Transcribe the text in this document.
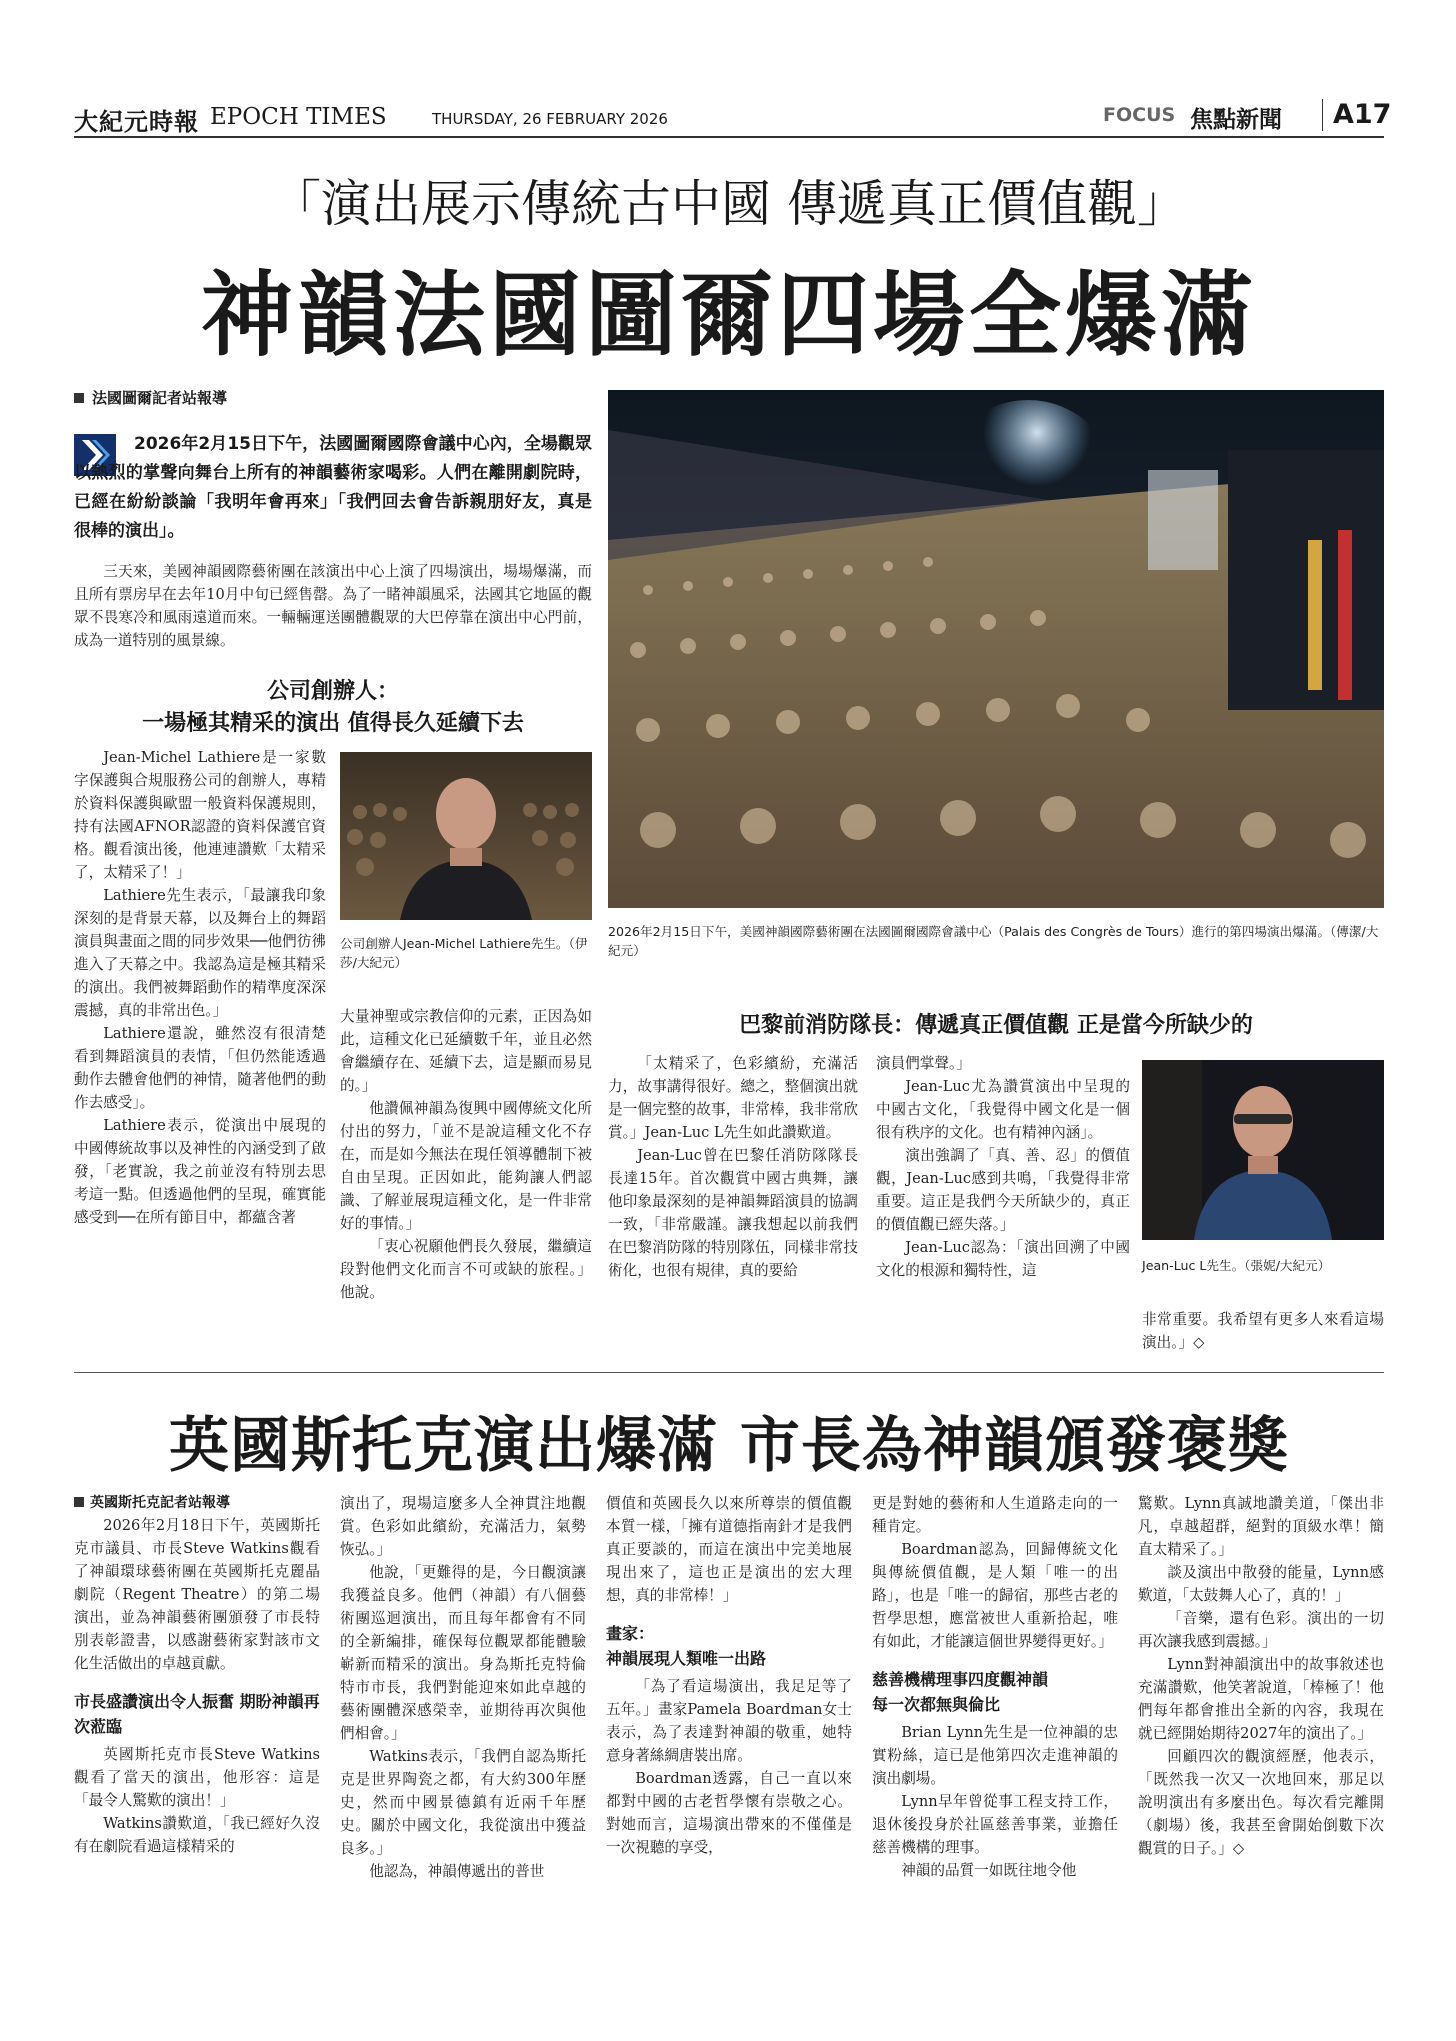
大紀元時報 EPOCH TIMES	THURSDAY, 26 FEBRUARY 2026	FOCUS 焦點新聞 A17
「演出展示傳統古中國 傳遞真正價值觀」
神韻法國圖爾四場全爆滿
法國圖爾記者站報導
2026年2月15日下午，法國圖爾國際會議中心內，全場觀眾以熱烈的掌聲向舞台上所有的神韻藝術家喝彩。人們在離開劇院時，已經在紛紛談論「我明年會再來」「我們回去會告訴親朋好友，真是很棒的演出」。

三天來，美國神韻國際藝術團在該演出中心上演了四場演出，場場爆滿，而且所有票房早在去年10月中旬已經售罄。為了一睹神韻風采，法國其它地區的觀眾不畏寒冷和風雨遠道而來。一輛輛運送團體觀眾的大巴停靠在演出中心門前，成為一道特別的風景線。

公司創辦人：
一場極其精采的演出 值得長久延續下去

Jean-Michel Lathiere是一家數字保護與合規服務公司的創辦人，專精於資料保護與歐盟一般資料保護規則，持有法國AFNOR認證的資料保護官資格。觀看演出後，他連連讚歎「太精采了，太精采了！」

Lathiere先生表示，「最讓我印象深刻的是背景天幕，以及舞台上的舞蹈演員與畫面之間的同步效果──他們彷彿進入了天幕之中。我認為這是極其精采的演出。我們被舞蹈動作的精準度深深震撼，真的非常出色。」

Lathiere還說，雖然沒有很清楚看到舞蹈演員的表情，「但仍然能透過動作去體會他們的神情，隨著他們的動作去感受」。

Lathiere表示，從演出中展現的中國傳統故事以及神性的內涵受到了啟發，「老實說，我之前並沒有特別去思考這一點。但透過他們的呈現，確實能感受到──在所有節目中，都蘊含著

公司創辦人Jean-Michel Lathiere先生。（伊莎/大紀元）

大量神聖或宗教信仰的元素，正因為如此，這種文化已延續數千年，並且必然會繼續存在、延續下去，這是顯而易見的。」

他讚佩神韻為復興中國傳統文化所付出的努力，「並不是說這種文化不存在，而是如今無法在現任領導體制下被自由呈現。正因如此，能夠讓人們認識、了解並展現這種文化，是一件非常好的事情。」

「衷心祝願他們長久發展，繼續這段對他們文化而言不可或缺的旅程。」他說。

2026年2月15日下午，美國神韻國際藝術團在法國圖爾國際會議中心（Palais des Congrès de Tours）進行的第四場演出爆滿。（傳潔/大紀元）
巴黎前消防隊長：傳遞真正價值觀 正是當今所缺少的

「太精采了，色彩繽紛，充滿活力，故事講得很好。總之，整個演出就是一個完整的故事，非常棒，我非常欣賞。」Jean-Luc L先生如此讚歎道。

Jean-Luc曾在巴黎任消防隊隊長長達15年。首次觀賞中國古典舞，讓他印象最深刻的是神韻舞蹈演員的協調一致，「非常嚴謹。讓我想起以前我們在巴黎消防隊的特別隊伍，同樣非常技術化，也很有規律，真的要給

演員們掌聲。」

Jean-Luc尤為讚賞演出中呈現的中國古文化，「我覺得中國文化是一個很有秩序的文化。也有精神內涵」。

演出強調了「真、善、忍」的價值觀，Jean-Luc感到共鳴，「我覺得非常重要。這正是我們今天所缺少的，真正的價值觀已經失落。」

Jean-Luc認為：「演出回溯了中國文化的根源和獨特性，這	Jean-Luc L先生。（張妮/大紀元）

非常重要。我希望有更多人來看這場演出。」◇

英國斯托克演出爆滿 市長為神韻頒發褒獎
英國斯托克記者站報導

2026年2月18日下午，英國斯托克市議員、市長Steve Watkins觀看了神韻環球藝術團在英國斯托克麗晶劇院（Regent Theatre）的第二場演出，並為神韻藝術團頒發了市長特別表彰證書，以感謝藝術家對該市文化生活做出的卓越貢獻。

市長盛讚演出令人振奮 期盼神韻再次蒞臨

英國斯托克市長Steve Watkins觀看了當天的演出，他形容：這是「最令人驚歎的演出！」

Watkins讚歎道，「我已經好久沒有在劇院看過這樣精采的

演出了，現場這麼多人全神貫注地觀賞。色彩如此繽紛，充滿活力，氣勢恢弘。」

他說，「更難得的是，今日觀演讓我獲益良多。他們（神韻）有八個藝術團巡迴演出，而且每年都會有不同的全新編排，確保每位觀眾都能體驗嶄新而精采的演出。身為斯托克特倫特市市長，我們對能迎來如此卓越的藝術團體深感榮幸，並期待再次與他們相會。」

Watkins表示，「我們自認為斯托克是世界陶瓷之都，有大約300年歷史，然而中國景德鎮有近兩千年歷史。關於中國文化，我從演出中獲益良多。」

他認為，神韻傳遞出的普世

價值和英國長久以來所尊崇的價值觀本質一樣，「擁有道德指南針才是我們真正要談的，而這在演出中完美地展現出來了，這也正是演出的宏大理想，真的非常棒！」

畫家：
神韻展現人類唯一出路

「為了看這場演出，我足足等了五年。」畫家Pamela Boardman女士表示，為了表達對神韻的敬重，她特意身著絲綢唐裝出席。

Boardman透露，自己一直以來都對中國的古老哲學懷有崇敬之心。對她而言，這場演出帶來的不僅僅是一次視聽的享受，

更是對她的藝術和人生道路走向的一種肯定。

Boardman認為，回歸傳統文化與傳統價值觀，是人類「唯一的出路」，也是「唯一的歸宿，那些古老的哲學思想，應當被世人重新拾起，唯有如此，才能讓這個世界變得更好。」

慈善機構理事四度觀神韻
每一次都無與倫比

Brian Lynn先生是一位神韻的忠實粉絲，這已是他第四次走進神韻的演出劇場。

Lynn早年曾從事工程支持工作，退休後投身於社區慈善事業，並擔任慈善機構的理事。

神韻的品質一如既往地令他

驚歎。Lynn真誠地讚美道，「傑出非凡，卓越超群，絕對的頂級水準！簡直太精采了。」

談及演出中散發的能量，Lynn感歎道，「太鼓舞人心了，真的！」

「音樂，還有色彩。演出的一切再次讓我感到震撼。」

Lynn對神韻演出中的故事敘述也充滿讚歎，他笑著說道，「棒極了！他們每年都會推出全新的內容，我現在就已經開始期待2027年的演出了。」

回顧四次的觀演經歷，他表示，「既然我一次又一次地回來，那足以說明演出有多麼出色。每次看完離開（劇場）後，我甚至會開始倒數下次觀賞的日子。」◇
